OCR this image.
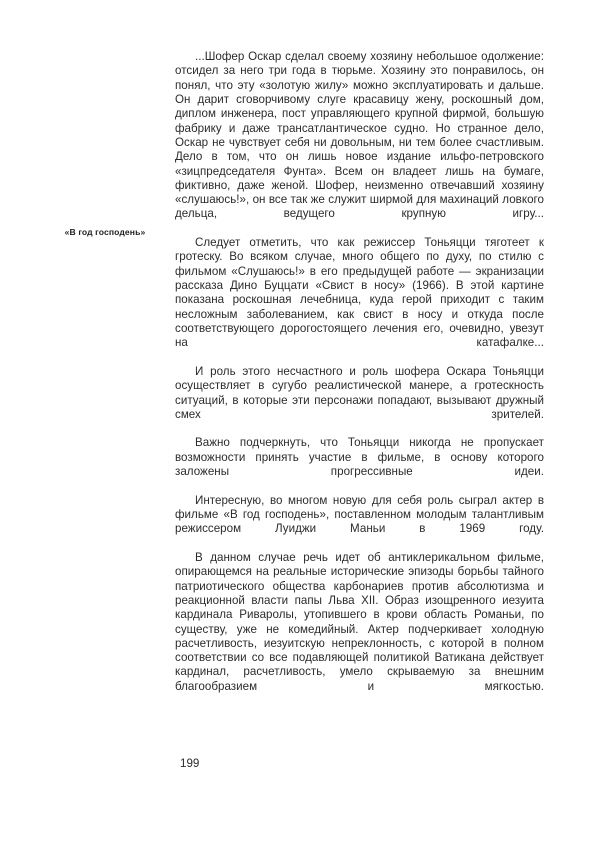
«В год господень»

...Шофер Оскар сделал своему хозяину небольшое одолжение: отсидел за него три года в тюрьме. Хозяину это понравилось, он понял, что эту «золотую жилу» можно эксплуатировать и дальше. Он дарит сговорчивому слуге красавицу жену, роскошный дом, диплом инженера, пост управляющего крупной фирмой, большую фабрику и даже трансатлантическое судно. Но странное дело, Оскар не чувствует себя ни довольным, ни тем более счастливым. Дело в том, что он лишь новое издание ильфо-петровского «зицпредседателя Фунта». Всем он владеет лишь на бумаге, фиктивно, даже женой. Шофер, неизменно отвечавший хозяину «слушаюсь!», он все так же служит ширмой для махинаций ловкого дельца, ведущего крупную игру...

Следует отметить, что как режиссер Тоньяцци тяготеет к гротеску. Во всяком случае, много общего по духу, по стилю с фильмом «Слушаюсь!» в его предыдущей работе — экранизации рассказа Дино Буццати «Свист в носу» (1966). В этой картине показана роскошная лечебница, куда герой приходит с таким несложным заболеванием, как свист в носу и откуда после соответствующего дорогостоящего лечения его, очевидно, увезут на катафалке...

И роль этого несчастного и роль шофера Оскара Тоньяцци осуществляет в сугубо реалистической манере, а гротескность ситуаций, в которые эти персонажи попадают, вызывают дружный смех зрителей.

Важно подчеркнуть, что Тоньяцци никогда не пропускает возможности принять участие в фильме, в основу которого заложены прогрессивные идеи.

Интересную, во многом новую для себя роль сыграл актер в фильме «В год господень», поставленном молодым талантливым режиссером Луиджи Маньи в 1969 году.

В данном случае речь идет об антиклерикальном фильме, опирающемся на реальные исторические эпизоды борьбы тайного патриотического общества карбонариев против абсолютизма и реакционной власти папы Льва XII. Образ изощренного иезуита кардинала Риваролы, утопившего в крови область Романьи, по существу, уже не комедийный. Актер подчеркивает холодную расчетливость, иезуитскую непреклонность, с которой в полном соответствии со все подавляющей политикой Ватикана действует кардинал, расчетливость, умело скрываемую за внешним благообразием и мягкостью.

199
